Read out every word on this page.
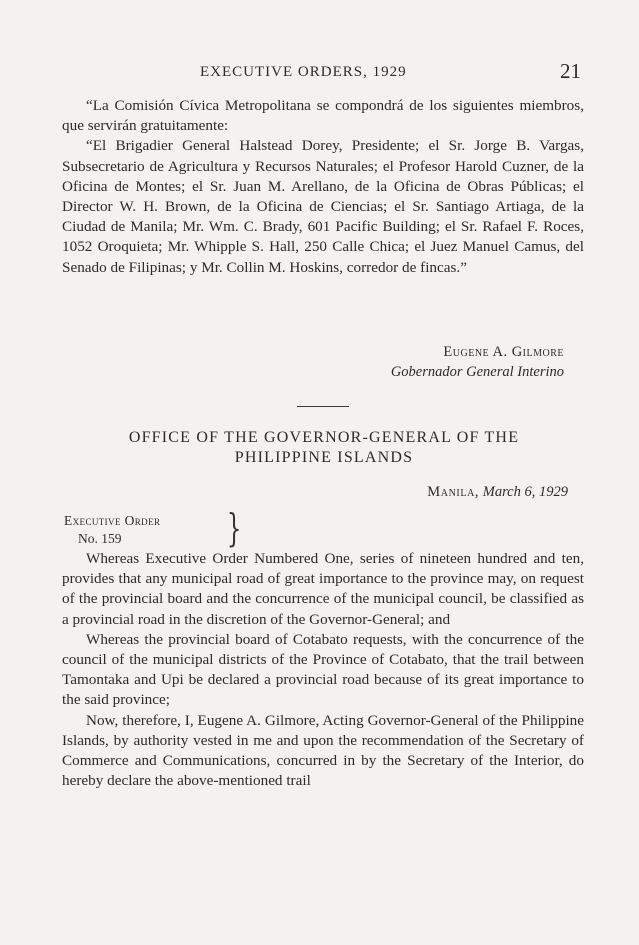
EXECUTIVE ORDERS, 1929	21

“La Comisión Cívica Metropolitana se compondrá de los siguientes miembros, que servirán gratuitamente:

“El Brigadier General Halstead Dorey, Presidente; el Sr. Jorge B. Vargas, Subsecretario de Agricultura y Recursos Naturales; el Profesor Harold Cuzner, de la Oficina de Montes; el Sr. Juan M. Arellano, de la Oficina de Obras Públicas; el Director W. H. Brown, de la Oficina de Ciencias; el Sr. Santiago Artiaga, de la Ciudad de Manila; Mr. Wm. C. Brady, 601 Pacific Building; el Sr. Rafael F. Roces, 1052 Oroquieta; Mr. Whipple S. Hall, 250 Calle Chica; el Juez Manuel Camus, del Senado de Filipinas; y Mr. Collin M. Hoskins, corredor de fincas.”

Eugene A. Gilmore
Gobernador General Interino
OFFICE OF THE GOVERNOR-GENERAL OF THE
PHILIPPINE ISLANDS
Manila, March 6, 1929
Executive Order
No. 159	}

Whereas Executive Order Numbered One, series of nineteen hundred and ten, provides that any municipal road of great importance to the province may, on request of the provincial board and the concurrence of the municipal council, be classified as a provincial road in the discretion of the Governor-General; and

Whereas the provincial board of Cotabato requests, with the concurrence of the council of the municipal districts of the Province of Cotabato, that the trail between Tamontaka and Upi be declared a provincial road because of its great importance to the said province;

Now, therefore, I, Eugene A. Gilmore, Acting Governor-General of the Philippine Islands, by authority vested in me and upon the recommendation of the Secretary of Commerce and Communications, concurred in by the Secretary of the Interior, do hereby declare the above-mentioned trail
